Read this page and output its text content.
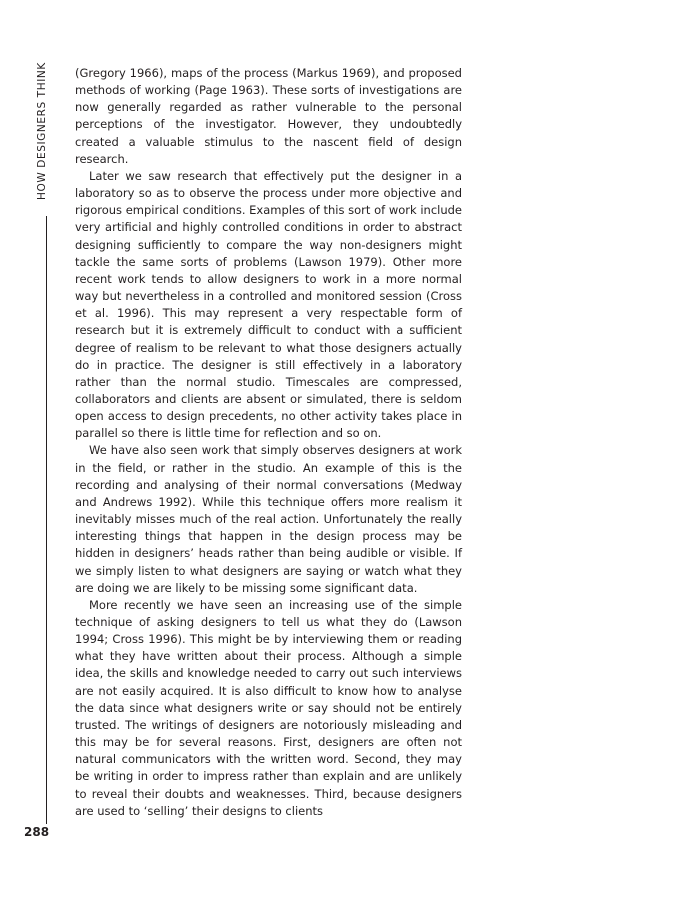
HOW DESIGNERS THINK
288

(Gregory 1966), maps of the process (Markus 1969), and proposed methods of working (Page 1963). These sorts of investigations are now generally regarded as rather vulnerable to the personal perceptions of the investigator. However, they undoubtedly created a valuable stimulus to the nascent field of design research.

Later we saw research that effectively put the designer in a laboratory so as to observe the process under more objective and rigorous empirical conditions. Examples of this sort of work include very artificial and highly controlled conditions in order to abstract designing sufficiently to compare the way non-designers might tackle the same sorts of problems (Lawson 1979). Other more recent work tends to allow designers to work in a more normal way but nevertheless in a controlled and monitored session (Cross et al. 1996). This may represent a very respectable form of research but it is extremely difficult to conduct with a sufficient degree of realism to be relevant to what those designers actually do in practice. The designer is still effectively in a laboratory rather than the normal studio. Timescales are compressed, collaborators and clients are absent or simulated, there is seldom open access to design precedents, no other activity takes place in parallel so there is little time for reflection and so on.

We have also seen work that simply observes designers at work in the field, or rather in the studio. An example of this is the recording and analysing of their normal conversations (Medway and Andrews 1992). While this technique offers more realism it inevitably misses much of the real action. Unfortunately the really interesting things that happen in the design process may be hidden in designers’ heads rather than being audible or visible. If we simply listen to what designers are saying or watch what they are doing we are likely to be missing some significant data.

More recently we have seen an increasing use of the simple technique of asking designers to tell us what they do (Lawson 1994; Cross 1996). This might be by interviewing them or reading what they have written about their process. Although a simple idea, the skills and knowledge needed to carry out such interviews are not easily acquired. It is also difficult to know how to analyse the data since what designers write or say should not be entirely trusted. The writings of designers are notoriously misleading and this may be for several reasons. First, designers are often not natural communicators with the written word. Second, they may be writing in order to impress rather than explain and are unlikely to reveal their doubts and weaknesses. Third, because designers are used to ‘selling’ their designs to clients
